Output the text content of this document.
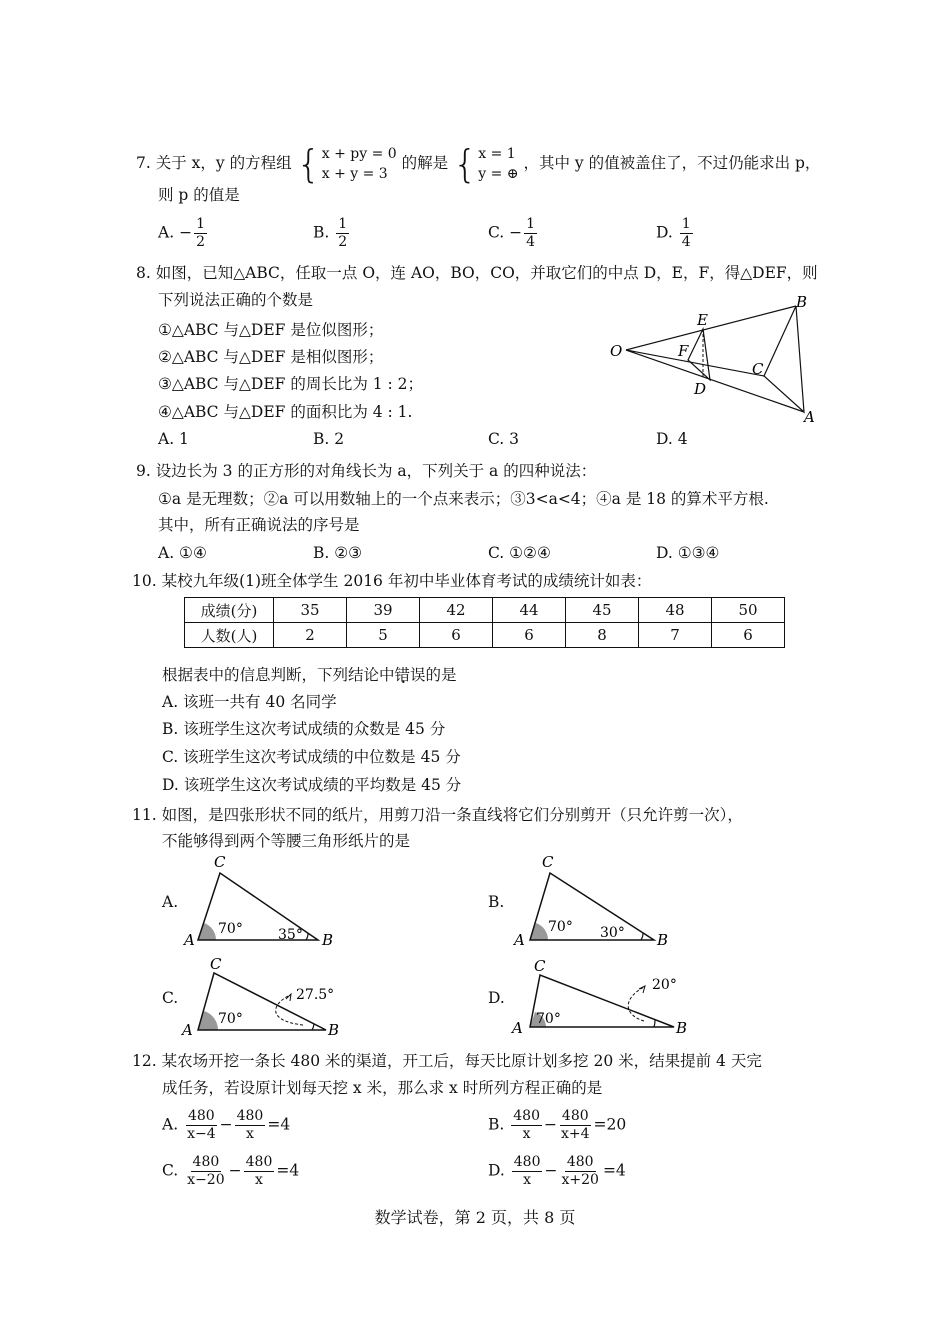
7. 关于 x，y 的方程组 { x + py = 0
x + y = 3
的解是 { x = 1
y = ⊕
，其中 y 的值被盖住了，不过仍能求出 p，
则 p 的值是
A. − $\frac{1}{2}$	B. $\frac{1}{2}$	C. − $\frac{1}{4}$	D. $\frac{1}{4}$
8. 如图，已知△ABC，任取一点 O，连 AO，BO，CO，并取它们的中点 D，E，F，得△DEF，则
下列说法正确的个数是
①△ABC 与△DEF 是位似图形；
②△ABC 与△DEF 是相似图形；
③△ABC 与△DEF 的周长比为 1 : 2；
④△ABC 与△DEF 的面积比为 4 : 1.
A. 1	B. 2	C. 3	D. 4
O
E
F
D
C
B
A
9. 设边长为 3 的正方形的对角线长为 a，下列关于 a 的四种说法：
①a 是无理数；②a 可以用数轴上的一个点来表示；③3<a<4；④a 是 18 的算术平方根.
其中，所有正确说法的序号是
A. ①④	B. ②③	C. ①②④	D. ①③④
10. 某校九年级(1)班全体学生 2016 年初中毕业体育考试的成绩统计如表：
成绩(分)	35	39	42	44	45	48	50
人数(人)	2	5	6	6	8	7	6
根据表中的信息判断，下列结论中错误的是
A. 该班一共有 40 名同学
B. 该班学生这次考试成绩的众数是 45 分
C. 该班学生这次考试成绩的中位数是 45 分
D. 该班学生这次考试成绩的平均数是 45 分
11. 如图，是四张形状不同的纸片，用剪刀沿一条直线将它们分别剪开（只允许剪一次），
不能够得到两个等腰三角形纸片的是
A.
C
A	B
70°	35°
B.
C
A	B
70° 30°
C.
C
A	B
70°
27.5°	D.
C
A	B
70°
20°
12. 某农场开挖一条长 480 米的渠道，开工后，每天比原计划多挖 20 米，结果提前 4 天完
成任务，若设原计划每天挖 x 米，那么求 x 时所列方程正确的是
A. $\frac{480}{x-4} - \frac{480}{x} =4$	B. $\frac{480}{x} - \frac{480}{x+4} =20$
C. $\frac{480}{x-20} - \frac{480}{x} =4$	D. $\frac{480}{x} - \frac{480}{x+20} =4$
数学试卷，第 2 页，共 8 页
